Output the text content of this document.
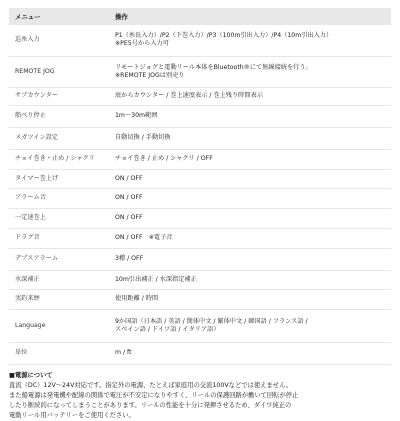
メニュー	操作
巡糸入力	P1（糸長入力）/P2（下巻入力）/P3（100m引出入力）/P4（10m引出入力）
※PE5号から入力可

REMOTE JOG	リモートジョグと電動リール本体をBluetooth®にて無線接続を行う。
※REMOTE JOGは別売り

サブカウンター	底からカウンター / 巻上速度表示 / 巻上残り時間表示

船べり停止	1m〜30m範囲

メガツイン設定	自動切換 / 手動切換

チョイ巻き・止め / シャクリ	チョイ巻き / 止め / シャクリ / OFF

タイマー巻上げ	ON / OFF

アラーム音	ON / OFF

一定速巻上	ON / OFF

ドラグ音	ON / OFF　※電子音

デプスアラーム	3種 / OFF

水深補正	10m引出補正 / 水深指定補正

実釣来歴	使用距離 / 時間

Language	9か国語（日本語 / 英語 / 簡体中文 / 繁体中文 / 韓国語 / フランス語 /
スペイン語 / ドイツ語 / イタリア語）

単位	m / ft

■電源について

直流（DC）12V〜24V対応です。指定外の電源、たとえば家庭用の交流100Vなどでは使えません。

また船電源は発電機や配線の関係で電圧が不安定になりやすく、リールの保護回路が働いて回転が停止

したり断続的になってしまうことがあります。リールの性能を十分に発揮させるため、ダイワ純正の

電動リール用バッテリーをご使用ください。
